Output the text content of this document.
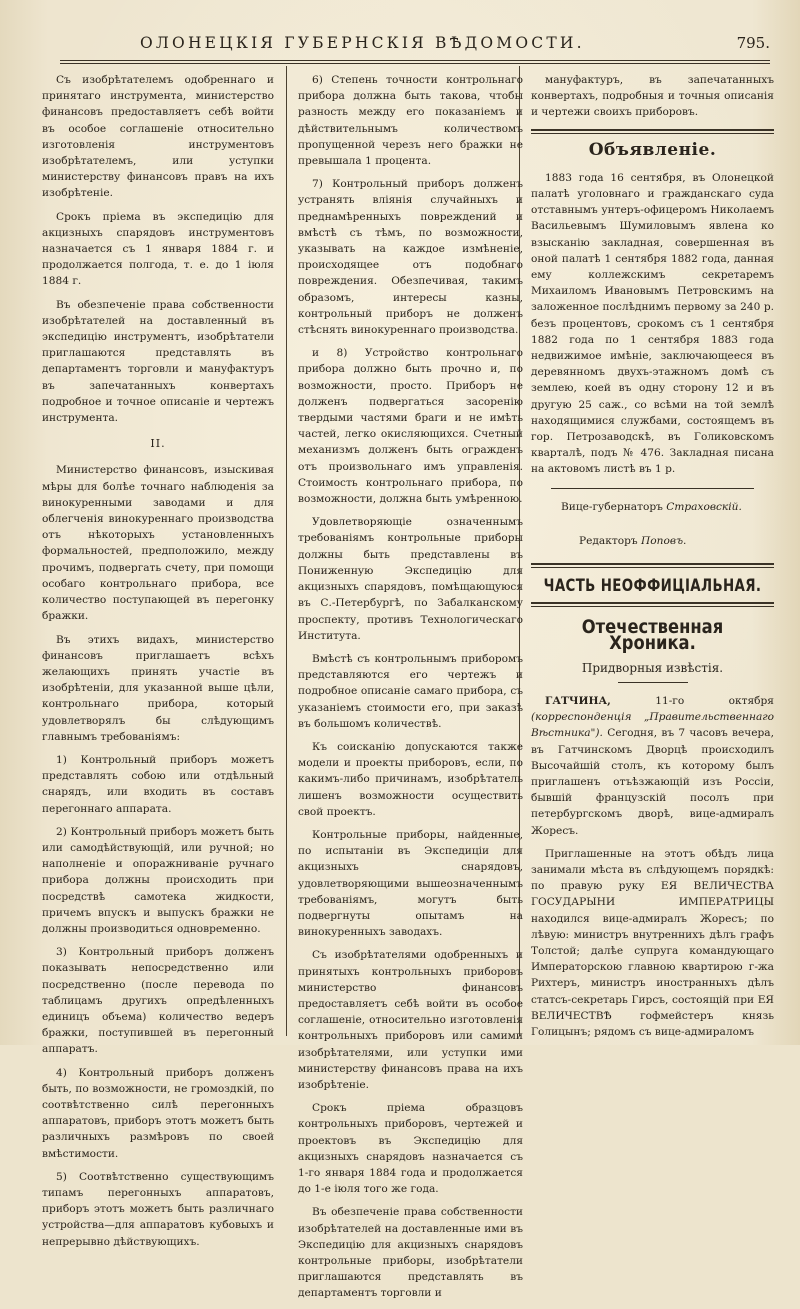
ОЛОНЕЦКІЯ ГУБЕРНСКІЯ ВѢДОМОСТИ.	795.

Съ изобрѣтателемъ одобреннаго и принятаго инструмента, министерство финансовъ предоставляетъ себѣ войти въ особое соглашеніе относительно изготовленія инструментовъ изобрѣтателемъ, или уступки министерству финансовъ правъ на ихъ изобрѣтеніе.

Срокъ пріема въ экспедицію для акцизныхъ спарядовъ инструментовъ назначается съ 1 января 1884 г. и продолжается полгода, т. е. до 1 іюля 1884 г.

Въ обезпеченіе права собственности изобрѣтателей на доставленный въ экспедицію инструментъ, изобрѣтатели приглашаются представлять въ департаментъ торговли и мануфактуръ въ запечатанныхъ конвертахъ подробное и точное описаніе и чертежъ инструмента.

II.

Министерство финансовъ, изыскивая мѣры для болѣе точнаго наблюденія за винокуренными заводами и для облегченія винокуреннаго производства отъ нѣкоторыхъ установленныхъ формальностей, предположило, между прочимъ, подвергать счету, при помощи особаго контрольнаго прибора, все количество поступающей въ перегонку бражки.

Въ этихъ видахъ, министерство финансовъ приглашаетъ всѣхъ желающихъ принять участіе въ изобрѣтеніи, для указанной выше цѣли, контрольнаго прибора, который удовлетворялъ бы слѣдующимъ главнымъ требованіямъ:

1) Контрольный приборъ можетъ представлять собою или отдѣльный снарядъ, или входить въ составъ перегоннаго аппарата.

2) Контрольный приборъ можетъ быть или самодѣйствующій, или ручной; но наполненіе и опоражниваніе ручнаго прибора должны происходить при посредствѣ самотека жидкости, причемъ впускъ и выпускъ бражки не должны производиться одновременно.

3) Контрольный приборъ долженъ показывать непосредственно или посредственно (после перевода по таблицамъ другихъ опредѣленныхъ единицъ объема) количество ведеръ бражки, поступившей въ перегонный аппаратъ.

4) Контрольный приборъ долженъ быть, по возможности, не громоздкій, по соотвѣтственно силѣ перегонныхъ аппаратовъ, приборъ этотъ можетъ быть различныхъ размѣровъ по своей вмѣстимости.

5) Соотвѣтственно существующимъ типамъ перегонныхъ аппаратовъ, приборъ этотъ можетъ быть различнаго устройства—для аппаратовъ кубовыхъ и непрерывно дѣйствующихъ.

6) Степень точности контрольнаго прибора должна быть такова, чтобы разность между его показаніемъ и дѣйствительнымъ количествомъ пропущенной черезъ него бражки не превышала 1 процента.

7) Контрольный приборъ долженъ устранять вліянія случайныхъ и преднамѣренныхъ повреждений и вмѣстѣ съ тѣмъ, по возможности, указывать на каждое измѣненіе, происходящее отъ подобнаго повреждения. Обезпечивая, такимъ образомъ, интересы казны, контрольный приборъ не долженъ стѣснять винокуреннаго производства.

и 8) Устройство контрольнаго прибора должно быть прочно и, по возможности, просто. Приборъ не долженъ подвергаться засоренію твердыми частями браги и не имѣть частей, легко окисляющихся. Счетный механизмъ долженъ быть огражденъ отъ произвольнаго имъ управленія. Стоимость контрольнаго прибора, по возможности, должна быть умѣренною.

Удовлетворяющіе означеннымъ требованіямъ контрольные приборы должны быть представлены въ Пониженную Экспедицію для акцизныхъ спарядовъ, помѣщающуюся въ С.-Петербургѣ, по Забалканскому проспекту, противъ Технологическаго Института.

Вмѣстѣ съ контрольнымъ приборомъ представляются его чертежъ и подробное описаніе самаго прибора, съ указаніемъ стоимости его, при заказѣ въ большомъ количествѣ.

Къ соисканію допускаются также модели и проекты приборовъ, если, по какимъ-либо причинамъ, изобрѣтатель лишенъ возможности осуществить свой проектъ.

Контрольные приборы, найденные, по испытаніи въ Экспедиціи для акцизныхъ снарядовъ, удовлетворяющими вышеозначеннымъ требованіямъ, могутъ быть подвергнуты опытамъ на винокуренныхъ заводахъ.

Съ изобрѣтателями одобренныхъ и принятыхъ контрольныхъ приборовъ министерство финансовъ предоставляетъ себѣ войти въ особое соглашеніе, относительно изготовленія контрольныхъ приборовъ или самими изобрѣтателями, или уступки ими министерству финансовъ права на ихъ изобрѣтеніе.

Срокъ пріема образцовъ контрольныхъ приборовъ, чертежей и проектовъ въ Экспедицію для акцизныхъ снарядовъ назначается съ 1-го января 1884 года и продолжается до 1-е іюля того же года.

Въ обезпеченіе права собственности изобрѣтателей на доставленные ими въ Экспедицію для акцизныхъ снарядовъ контрольные приборы, изобрѣтатели приглашаются представлять въ департаментъ торговли и

мануфактуръ, въ запечатанныхъ конвертахъ, подробныя и точныя описанія и чертежи своихъ приборовъ.

Объявленіе.

1883 года 16 сентября, въ Олонецкой палатѣ уголовнаго и гражданскаго суда отставнымъ унтеръ-офицеромъ Николаемъ Васильевымъ Шумиловымъ явлена ко взысканію закладная, совершенная въ оной палатѣ 1 сентября 1882 года, данная ему коллежскимъ секретаремъ Михаиломъ Ивановымъ Петровскимъ на заложенное послѣднимъ первому за 240 р. безъ процентовъ, срокомъ съ 1 сентября 1882 года по 1 сентября 1883 года недвижимое имѣніе, заключающееся въ деревянномъ двухъ-этажномъ домѣ съ землею, коей въ одну сторону 12 и въ другую 25 саж., со всѣми на той землѣ находящимися службами, состоящемъ въ гор. Петрозаводскѣ, въ Голиковскомъ кварталѣ, подъ № 476. Закладная писана на актовомъ листѣ въ 1 р.

Вице-губернаторъ Страховскій.
Редакторъ Поповъ.
ЧАСТЬ НЕОФФИЦІАЛЬНАЯ.
Отечественная Хроника.
Придворныя извѣстія.

ГАТЧИНА,	11-го октября (корреспонденція „Правительственнаго Вѣстника"). Сегодня, въ 7 часовъ вечера, въ Гатчинскомъ Дворцѣ происходилъ Высочайшій столъ, къ которому былъ приглашенъ отъѣзжающій изъ Россіи, бывшій французскій посолъ при петербургскомъ дворѣ, вице-адмиралъ Жоресъ.

Приглашенные на этотъ обѣдъ лица занимали мѣста въ слѣдующемъ порядкѣ: по правую руку ЕЯ ВЕЛИЧЕСТВА ГОСУДАРЫНИ ИМПЕРАТРИЦЫ находился вице-адмиралъ Жоресъ; по лѣвую: министръ внутреннихъ дѣлъ графъ Толстой; далѣе супруга командующаго Императорскою главною квартирою г-жа Рихтеръ, министръ иностранныхъ дѣлъ статсъ-секретарь Гирсъ, состоящій при ЕЯ ВЕЛИЧЕСТВѢ гофмейстеръ князь Голицынъ; рядомъ съ вице-адмираломъ
